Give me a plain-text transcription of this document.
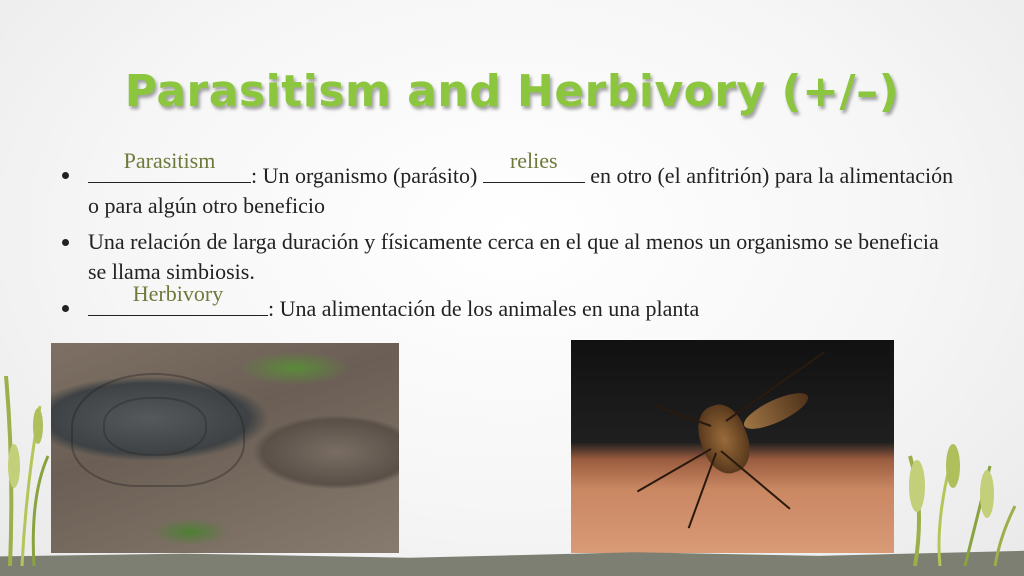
Parasitism and Herbivory (+/–)
Parasitism
: Un organismo (parásito)
relies
en otro (el anfitrión) para la alimentación o para algún otro beneficio
Una relación de larga duración y físicamente cerca en el que al menos un organismo se beneficia se llama simbiosis.
Herbivory
: Una alimentación de los animales en una planta
